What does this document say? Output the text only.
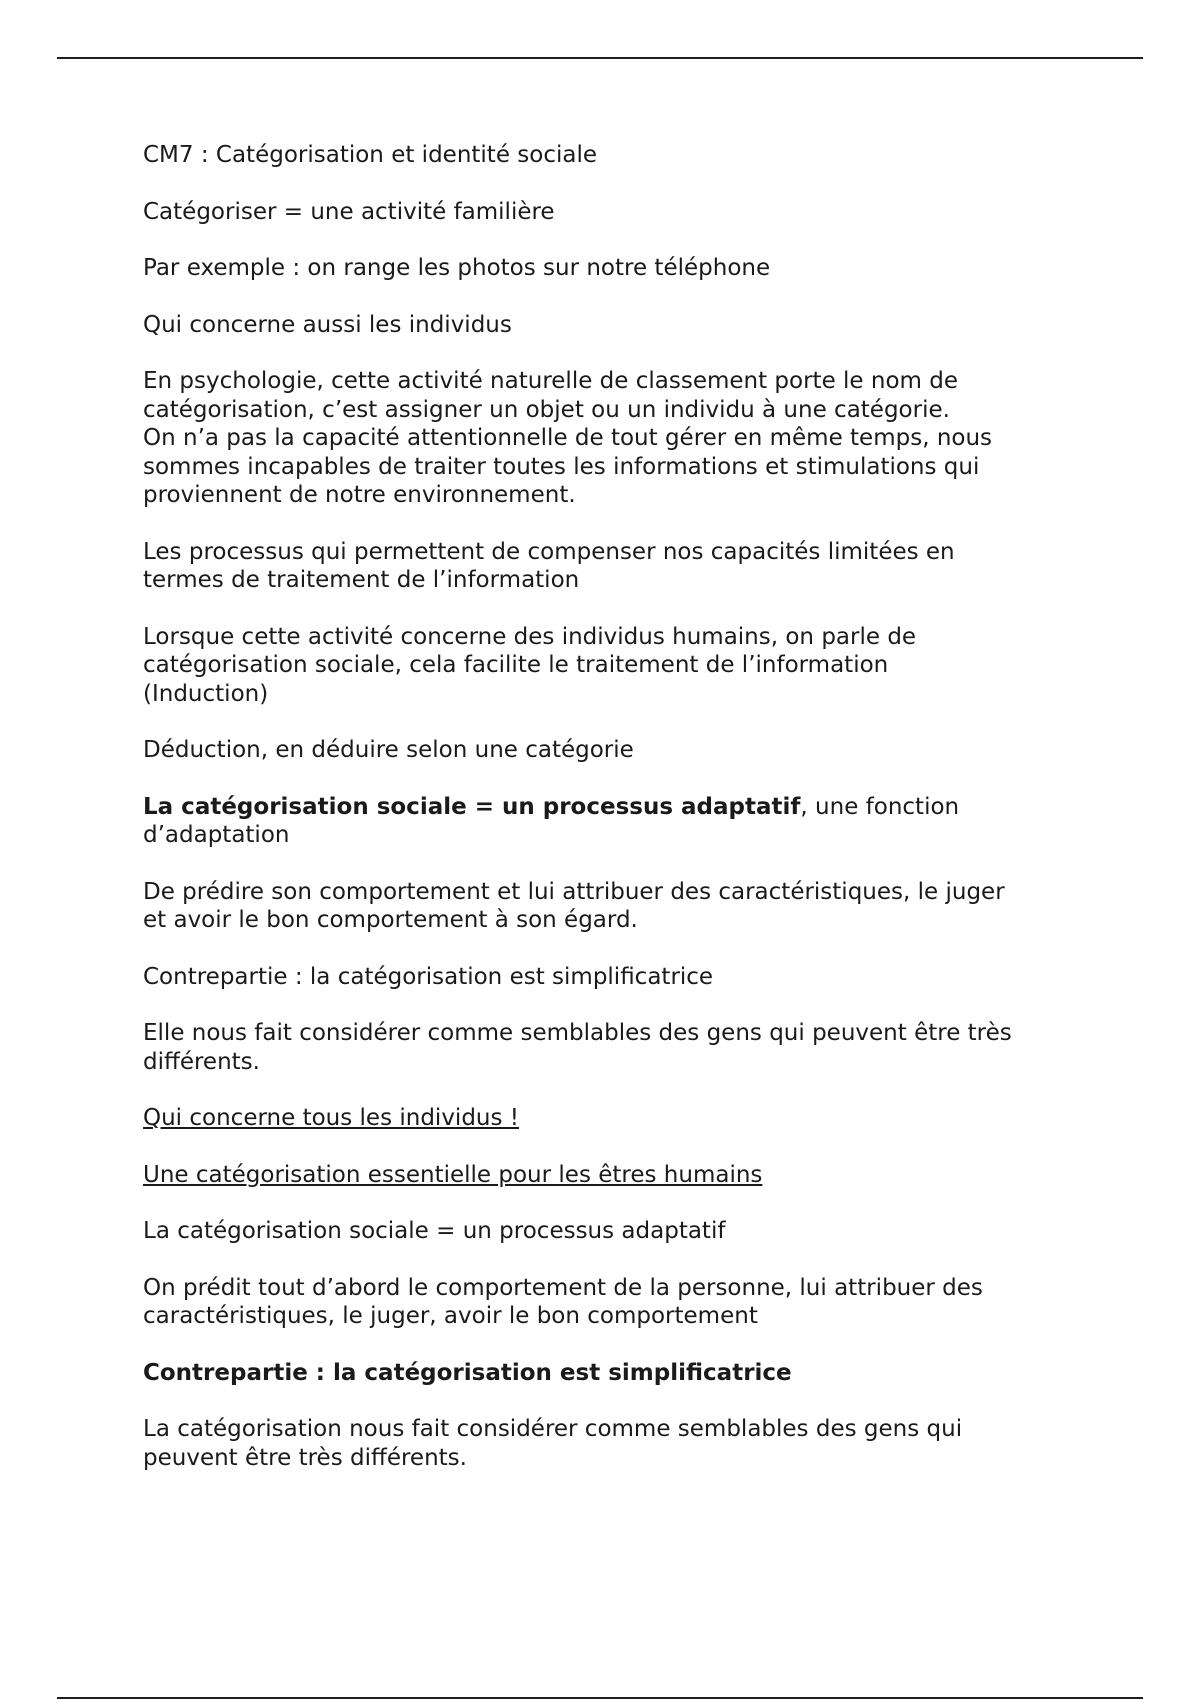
CM7 : Catégorisation et identité sociale

Catégoriser = une activité familière

Par exemple : on range les photos sur notre téléphone

Qui concerne aussi les individus

En psychologie, cette activité naturelle de classement porte le nom de
catégorisation, c’est assigner un objet ou un individu à une catégorie.
On n’a pas la capacité attentionnelle de tout gérer en même temps, nous
sommes incapables de traiter toutes les informations et stimulations qui
proviennent de notre environnement.

Les processus qui permettent de compenser nos capacités limitées en
termes de traitement de l’information

Lorsque cette activité concerne des individus humains, on parle de
catégorisation sociale, cela facilite le traitement de l’information
(Induction)

Déduction, en déduire selon une catégorie

La catégorisation sociale = un processus adaptatif, une fonction
d’adaptation

De prédire son comportement et lui attribuer des caractéristiques, le juger
et avoir le bon comportement à son égard.

Contrepartie : la catégorisation est simplificatrice

Elle nous fait considérer comme semblables des gens qui peuvent être très
différents.

Qui concerne tous les individus !

Une catégorisation essentielle pour les êtres humains

La catégorisation sociale = un processus adaptatif

On prédit tout d’abord le comportement de la personne, lui attribuer des
caractéristiques, le juger, avoir le bon comportement

Contrepartie : la catégorisation est simplificatrice

La catégorisation nous fait considérer comme semblables des gens qui
peuvent être très différents.
